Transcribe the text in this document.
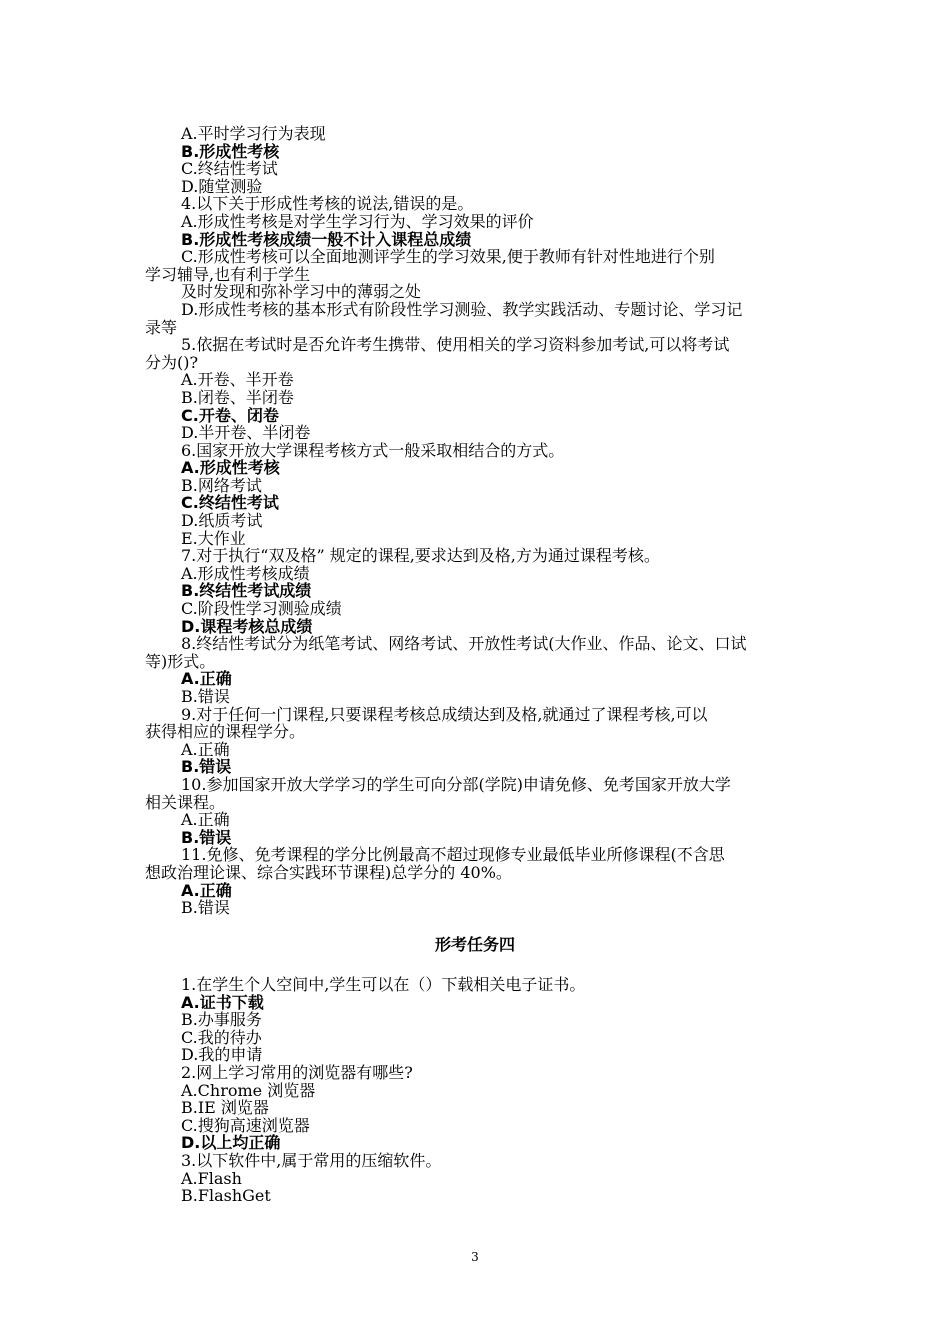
A.平时学习行为表现
B.形成性考核
C.终结性考试
D.随堂测验
4.以下关于形成性考核的说法,错误的是。
A.形成性考核是对学生学习行为、学习效果的评价
B.形成性考核成绩一般不计入课程总成绩
C.形成性考核可以全面地测评学生的学习效果,便于教师有针对性地进行个别
学习辅导,也有利于学生
及时发现和弥补学习中的薄弱之处
D.形成性考核的基本形式有阶段性学习测验、教学实践活动、专题讨论、学习记
录等
5.依据在考试时是否允许考生携带、使用相关的学习资料参加考试,可以将考试
分为()?
A.开卷、半开卷
B.闭卷、半闭卷
C.开卷、闭卷
D.半开卷、半闭卷
6.国家开放大学课程考核方式一般采取相结合的方式。
A.形成性考核
B.网络考试
C.终结性考试
D.纸质考试
E.大作业
7.对于执行“双及格” 规定的课程,要求达到及格,方为通过课程考核。
A.形成性考核成绩
B.终结性考试成绩
C.阶段性学习测验成绩
D.课程考核总成绩
8.终结性考试分为纸笔考试、网络考试、开放性考试(大作业、作品、论文、口试
等)形式。
A.正确
B.错误
9.对于任何一门课程,只要课程考核总成绩达到及格,就通过了课程考核,可以
获得相应的课程学分。
A.正确
B.错误
10.参加国家开放大学学习的学生可向分部(学院)申请免修、免考国家开放大学
相关课程。
A.正确
B.错误
11.免修、免考课程的学分比例最高不超过现修专业最低毕业所修课程(不含思
想政治理论课、综合实践环节课程)总学分的 40%。
A.正确
B.错误
形考任务四
1.在学生个人空间中,学生可以在（）下载相关电子证书。
A.证书下载
B.办事服务
C.我的待办
D.我的申请
2.网上学习常用的浏览器有哪些?
A.Chrome 浏览器
B.IE 浏览器
C.搜狗高速浏览器
D.以上均正确
3.以下软件中,属于常用的压缩软件。
A.Flash
B.FlashGet
3
